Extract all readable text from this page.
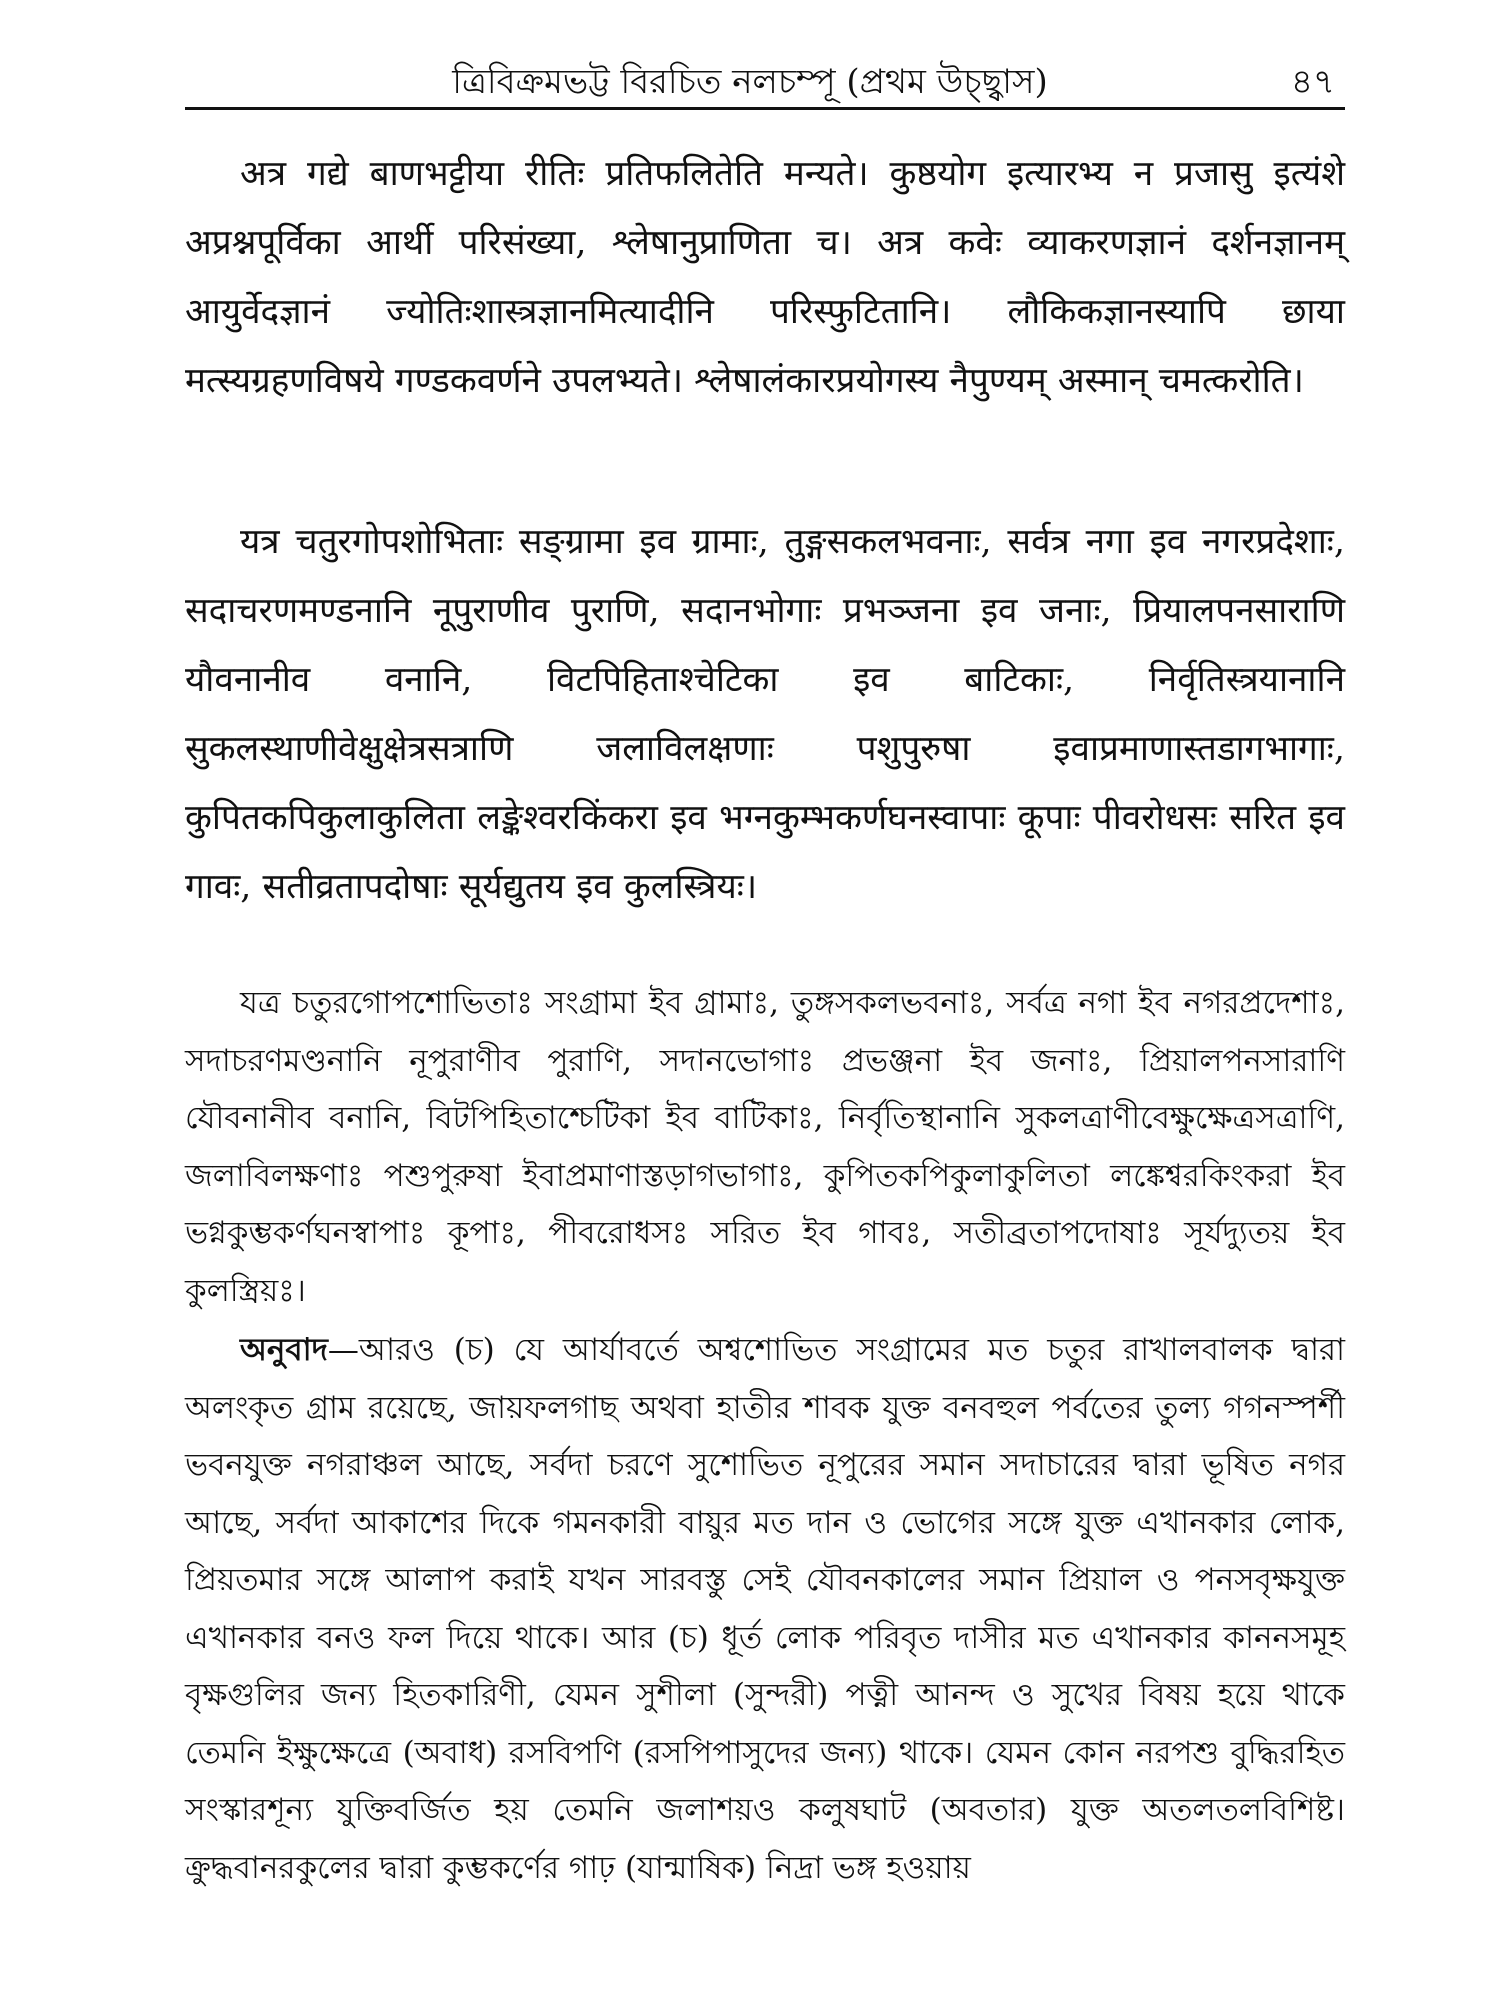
ত্রিবিক্রমভট্ট বিরচিত নলচম্পূ (প্রথম উচ্ছ্বাস)	৪৭

अत्र गद्ये बाणभट्टीया रीतिः प्रतिफलितेति मन्यते। कुष्ठयोग इत्यारभ्य न प्रजासु इत्यंशे अप्रश्नपूर्विका आर्थी परिसंख्या, श्लेषानुप्राणिता च। अत्र कवेः व्याकरणज्ञानं दर्शनज्ञानम् आयुर्वेदज्ञानं ज्योतिःशास्त्रज्ञानमित्यादीनि परिस्फुटितानि। लौकिकज्ञानस्यापि छाया मत्स्यग्रहणविषये गण्डकवर्णने उपलभ्यते। श्लेषालंकारप्रयोगस्य नैपुण्यम् अस्मान् चमत्करोति।

यत्र चतुरगोपशोभिताः सङ्ग्रामा इव ग्रामाः, तुङ्गसकलभवनाः, सर्वत्र नगा इव नगरप्रदेशाः, सदाचरणमण्डनानि नूपुराणीव पुराणि, सदानभोगाः प्रभञ्जना इव जनाः, प्रियालपनसाराणि यौवनानीव वनानि, विटपिहिताश्चेटिका इव बाटिकाः, निर्वृतिस्त्रयानानि सुकलस्थाणीवेक्षुक्षेत्रसत्राणि जलाविलक्षणाः पशुपुरुषा इवाप्रमाणास्तडागभागाः, कुपितकपिकुलाकुलिता लङ्केश्वरकिंकरा इव भग्नकुम्भकर्णघनस्वापाः कूपाः पीवरोधसः सरित इव गावः, सतीव्रतापदोषाः सूर्यद्युतय इव कुलस्त्रियः।

যত্র চতুরগোপশোভিতাঃ সংগ্রামা ইব গ্রামাঃ, তুঙ্গসকলভবনাঃ, সর্বত্র নগা ইব নগরপ্রদেশাঃ, সদাচরণমণ্ডনানি নূপুরাণীব পুরাণি, সদানভোগাঃ প্রভঞ্জনা ইব জনাঃ, প্রিয়ালপনসারাণি যৌবনানীব বনানি, বিটপিহিতাশ্চেটিকা ইব বাটিকাঃ, নির্বৃতিস্থানানি সুকলত্রাণীবেক্ষুক্ষেত্রসত্রাণি, জলাবিলক্ষণাঃ পশুপুরুষা ইবাপ্রমাণাস্তড়াগভাগাঃ, কুপিতকপিকুলাকুলিতা লঙ্কেশ্বরকিংকরা ইব ভগ্নকুম্ভকর্ণঘনস্বাপাঃ কূপাঃ, পীবরোধসঃ সরিত ইব গাবঃ, সতীব্রতাপদোষাঃ সূর্যদ্যুতয় ইব কুলস্ত্রিয়ঃ।

অনুবাদ—আরও (চ) যে আর্যাবর্তে অশ্বশোভিত সংগ্রামের মত চতুর রাখালবালক দ্বারা অলংকৃত গ্রাম রয়েছে, জায়ফলগাছ অথবা হাতীর শাবক যুক্ত বনবহুল পর্বতের তুল্য গগনস্পর্শী ভবনযুক্ত নগরাঞ্চল আছে, সর্বদা চরণে সুশোভিত নূপুরের সমান সদাচারের দ্বারা ভূষিত নগর আছে, সর্বদা আকাশের দিকে গমনকারী বায়ুর মত দান ও ভোগের সঙ্গে যুক্ত এখানকার লোক, প্রিয়তমার সঙ্গে আলাপ করাই যখন সারবস্তু সেই যৌবনকালের সমান প্রিয়াল ও পনসবৃক্ষযুক্ত এখানকার বনও ফল দিয়ে থাকে। আর (চ) ধূর্ত লোক পরিবৃত দাসীর মত এখানকার কাননসমূহ বৃক্ষগুলির জন্য হিতকারিণী, যেমন সুশীলা (সুন্দরী) পত্নী আনন্দ ও সুখের বিষয় হয়ে থাকে তেমনি ইক্ষুক্ষেত্রে (অবাধ) রসবিপণি (রসপিপাসুদের জন্য) থাকে। যেমন কোন নরপশু বুদ্ধিরহিত সংস্কারশূন্য যুক্তিবর্জিত হয় তেমনি জলাশয়ও কলুষঘাট (অবতার) যুক্ত অতলতলবিশিষ্ট। ক্রুদ্ধবানরকুলের দ্বারা কুম্ভকর্ণের গাঢ় (যান্মাষিক) নিদ্রা ভঙ্গ হওয়ায়
